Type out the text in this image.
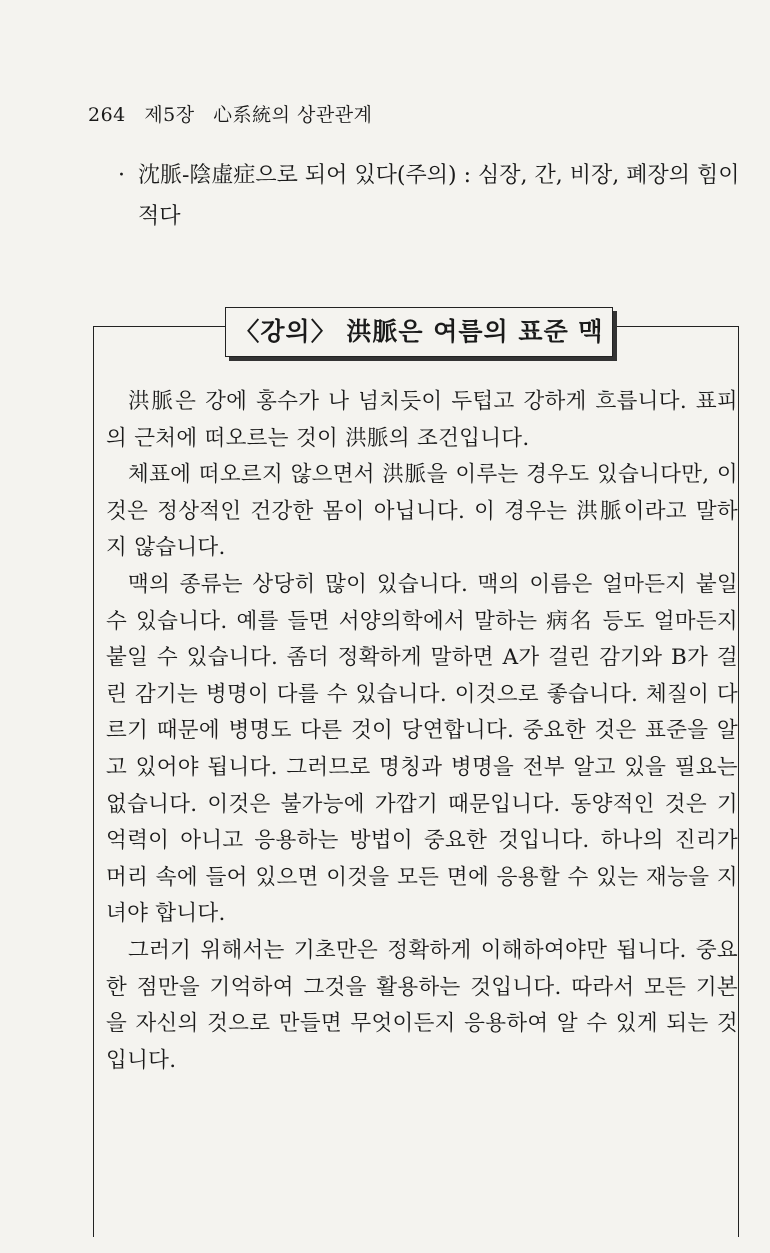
264 제5장 心系統의 상관관계
· 沈脈-陰虛症으로 되어 있다(주의) : 심장, 간, 비장, 폐장의 힘이 적다
〈강의〉 洪脈은 여름의 표준 맥

洪脈은 강에 홍수가 나 넘치듯이 두텁고 강하게 흐릅니다. 표피의 근처에 떠오르는 것이 洪脈의 조건입니다.

체표에 떠오르지 않으면서 洪脈을 이루는 경우도 있습니다만, 이것은 정상적인 건강한 몸이 아닙니다. 이 경우는 洪脈이라고 말하지 않습니다.

맥의 종류는 상당히 많이 있습니다. 맥의 이름은 얼마든지 붙일 수 있습니다. 예를 들면 서양의학에서 말하는 病名 등도 얼마든지 붙일 수 있습니다. 좀더 정확하게 말하면 A가 걸린 감기와 B가 걸린 감기는 병명이 다를 수 있습니다. 이것으로 좋습니다. 체질이 다르기 때문에 병명도 다른 것이 당연합니다. 중요한 것은 표준을 알고 있어야 됩니다. 그러므로 명칭과 병명을 전부 알고 있을 필요는 없습니다. 이것은 불가능에 가깝기 때문입니다. 동양적인 것은 기억력이 아니고 응용하는 방법이 중요한 것입니다. 하나의 진리가 머리 속에 들어 있으면 이것을 모든 면에 응용할 수 있는 재능을 지녀야 합니다.

그러기 위해서는 기초만은 정확하게 이해하여야만 됩니다. 중요한 점만을 기억하여 그것을 활용하는 것입니다. 따라서 모든 기본을 자신의 것으로 만들면 무엇이든지 응용하여 알 수 있게 되는 것입니다.
